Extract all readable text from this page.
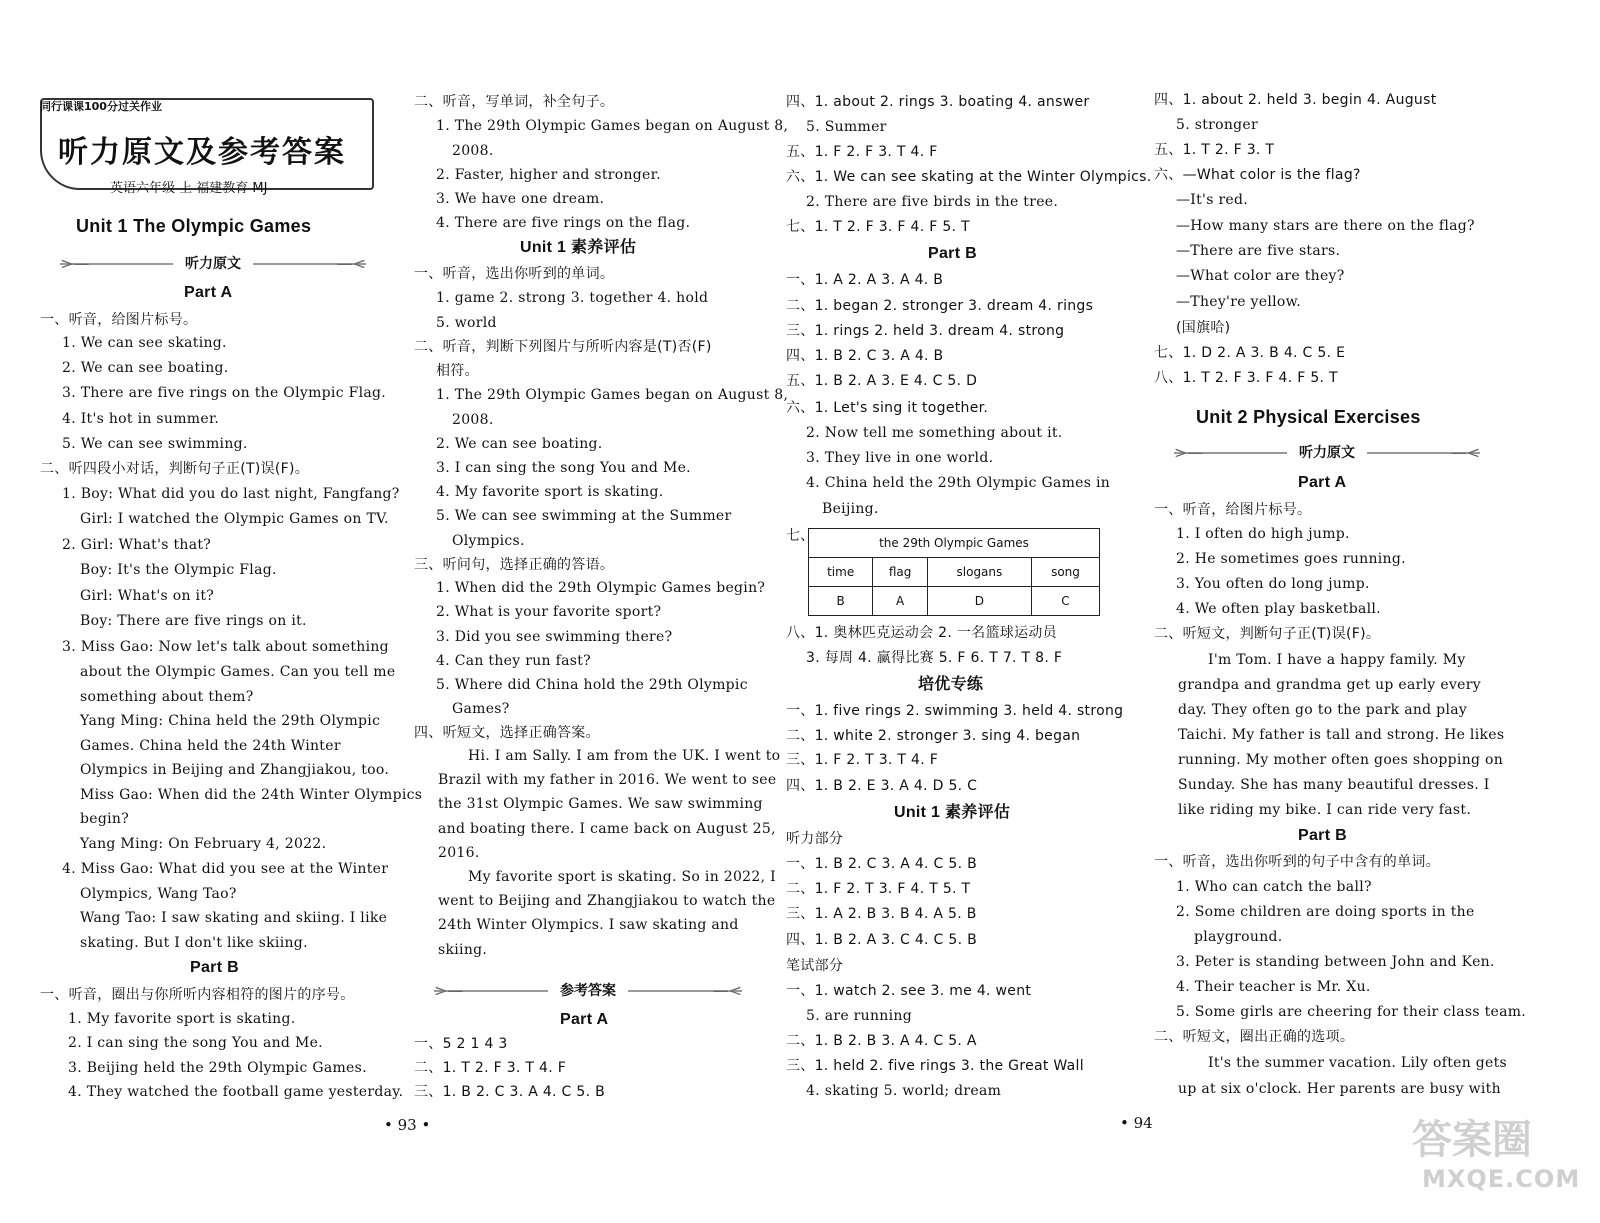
同行课课100分过关作业
听力原文及参考答案
英语六年级 上 福建教育 MJ
Unit 1 The Olympic Games
>—	听力原文	—<
Part A
一、听音，给图片标号。
1. We can see skating.
2. We can see boating.
3. There are five rings on the Olympic Flag.
4. It's hot in summer.
5. We can see swimming.
二、听四段小对话，判断句子正(T)误(F)。
1. Boy: What did you do last night, Fangfang?
Girl: I watched the Olympic Games on TV.
2. Girl: What's that?
Boy: It's the Olympic Flag.
Girl: What's on it?
Boy: There are five rings on it.
3. Miss Gao: Now let's talk about something
about the Olympic Games. Can you tell me
something about them?
Yang Ming: China held the 29th Olympic
Games. China held the 24th Winter
Olympics in Beijing and Zhangjiakou, too.
Miss Gao: When did the 24th Winter Olympics
begin?
Yang Ming: On February 4, 2022.
4. Miss Gao: What did you see at the Winter
Olympics, Wang Tao?
Wang Tao: I saw skating and skiing. I like
skating. But I don't like skiing.
Part B
一、听音，圈出与你所听内容相符的图片的序号。
1. My favorite sport is skating.
2. I can sing the song You and Me.
3. Beijing held the 29th Olympic Games.
4. They watched the football game yesterday.
• 93 •
二、听音，写单词，补全句子。
1. The 29th Olympic Games began on August 8,
2008.
2. Faster, higher and stronger.
3. We have one dream.
4. There are five rings on the flag.
Unit 1 素养评估
一、听音，选出你听到的单词。
1. game 2. strong 3. together 4. hold
5. world
二、听音，判断下列图片与所听内容是(T)否(F)
相符。
1. The 29th Olympic Games began on August 8,
2008.
2. We can see boating.
3. I can sing the song You and Me.
4. My favorite sport is skating.
5. We can see swimming at the Summer
Olympics.
三、听问句，选择正确的答语。
1. When did the 29th Olympic Games begin?
2. What is your favorite sport?
3. Did you see swimming there?
4. Can they run fast?
5. Where did China hold the 29th Olympic
Games?
四、听短文，选择正确答案。
Hi. I am Sally. I am from the UK. I went to
Brazil with my father in 2016. We went to see
the 31st Olympic Games. We saw swimming
and boating there. I came back on August 25,
2016.
My favorite sport is skating. So in 2022, I
went to Beijing and Zhangjiakou to watch the
24th Winter Olympics. I saw skating and
skiing.
>—	参考答案	—<
Part A
一、5 2 1 4 3
二、1. T 2. F 3. T 4. F
三、1. B 2. C 3. A 4. C 5. B
四、1. about 2. rings 3. boating 4. answer
5. Summer
五、1. F 2. F 3. T 4. F
六、1. We can see skating at the Winter Olympics.
2. There are five birds in the tree.
七、1. T 2. F 3. F 4. F 5. T
Part B
一、1. A 2. A 3. A 4. B
二、1. began 2. stronger 3. dream 4. rings
三、1. rings 2. held 3. dream 4. strong
四、1. B 2. C 3. A 4. B
五、1. B 2. A 3. E 4. C 5. D
六、1. Let's sing it together.
2. Now tell me something about it.
3. They live in one world.
4. China held the 29th Olympic Games in
Beijing.
七、	the 29th Olympic Games			
time	flag	slogans	song
B	A	D	C
八、1. 奥林匹克运动会 2. 一名篮球运动员
3. 每周 4. 赢得比赛 5. F 6. T 7. T 8. F
培优专练
一、1. five rings 2. swimming 3. held 4. strong
二、1. white 2. stronger 3. sing 4. began
三、1. F 2. T 3. T 4. F
四、1. B 2. E 3. A 4. D 5. C
Unit 1 素养评估
听力部分
一、1. B 2. C 3. A 4. C 5. B
二、1. F 2. T 3. F 4. T 5. T
三、1. A 2. B 3. B 4. A 5. B
四、1. B 2. A 3. C 4. C 5. B
笔试部分
一、1. watch 2. see 3. me 4. went
5. are running
二、1. B 2. B 3. A 4. C 5. A
三、1. held 2. five rings 3. the Great Wall
4. skating 5. world; dream
• 94
四、1. about 2. held 3. begin 4. August
5. stronger
五、1. T 2. F 3. T
六、—What color is the flag?
—It's red.
—How many stars are there on the flag?
—There are five stars.
—What color are they?
—They're yellow.
(国旗哈)
七、1. D 2. A 3. B 4. C 5. E
八、1. T 2. F 3. F 4. F 5. T
Unit 2 Physical Exercises
>—	听力原文	—<
Part A
一、听音，给图片标号。
1. I often do high jump.
2. He sometimes goes running.
3. You often do long jump.
4. We often play basketball.
二、听短文，判断句子正(T)误(F)。
I'm Tom. I have a happy family. My
grandpa and grandma get up early every
day. They often go to the park and play
Taichi. My father is tall and strong. He likes
running. My mother often goes shopping on
Sunday. She has many beautiful dresses. I
like riding my bike. I can ride very fast.
Part B
一、听音，选出你听到的句子中含有的单词。
1. Who can catch the ball?
2. Some children are doing sports in the
playground.
3. Peter is standing between John and Ken.
4. Their teacher is Mr. Xu.
5. Some girls are cheering for their class team.
二、听短文，圈出正确的选项。
It's the summer vacation. Lily often gets
up at six o'clock. Her parents are busy with
答案圈
MXQE.COM
